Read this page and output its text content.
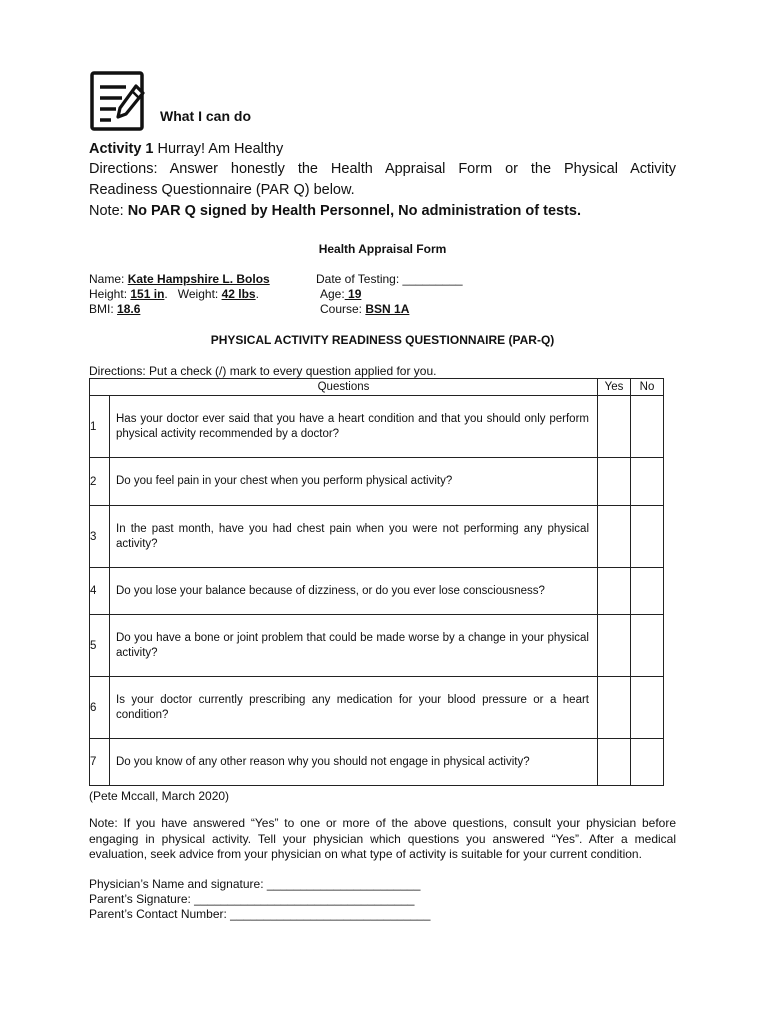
What I can do
Activity 1 Hurray! Am Healthy
Directions: Answer honestly the Health Appraisal Form or the Physical Activity
Readiness Questionnaire (PAR Q) below.
Note: No PAR Q signed by Health Personnel, No administration of tests.
Health Appraisal Form
Name: Kate Hampshire L. Bolos	Date of Testing: _________
Height: 151 in.   Weight: 42 lbs.	Age: 19
BMI: 18.6	Course: BSN 1A
PHYSICAL ACTIVITY READINESS QUESTIONNAIRE (PAR-Q)
Directions: Put a check (/) mark to every question applied for you.
Questions		Yes	No
1	Has your doctor ever said that you have a heart condition and that you should only perform physical activity recommended by a doctor?		
2	Do you feel pain in your chest when you perform physical activity?		
3	In the past month, have you had chest pain when you were not performing any physical activity?		
4	Do you lose your balance because of dizziness, or do you ever lose consciousness?		
5	Do you have a bone or joint problem that could be made worse by a change in your physical activity?		
6	Is your doctor currently prescribing any medication for your blood pressure or a heart condition?		
7	Do you know of any other reason why you should not engage in physical activity?		
(Pete Mccall, March 2020)
Note: If you have answered “Yes” to one or more of the above questions, consult your physician before engaging in physical activity. Tell your physician which questions you answered “Yes”. After a medical evaluation, seek advice from your physician on what type of activity is suitable for your current condition.
Physician’s Name and signature: _______________________
Parent’s Signature: _________________________________
Parent’s Contact Number: ______________________________
